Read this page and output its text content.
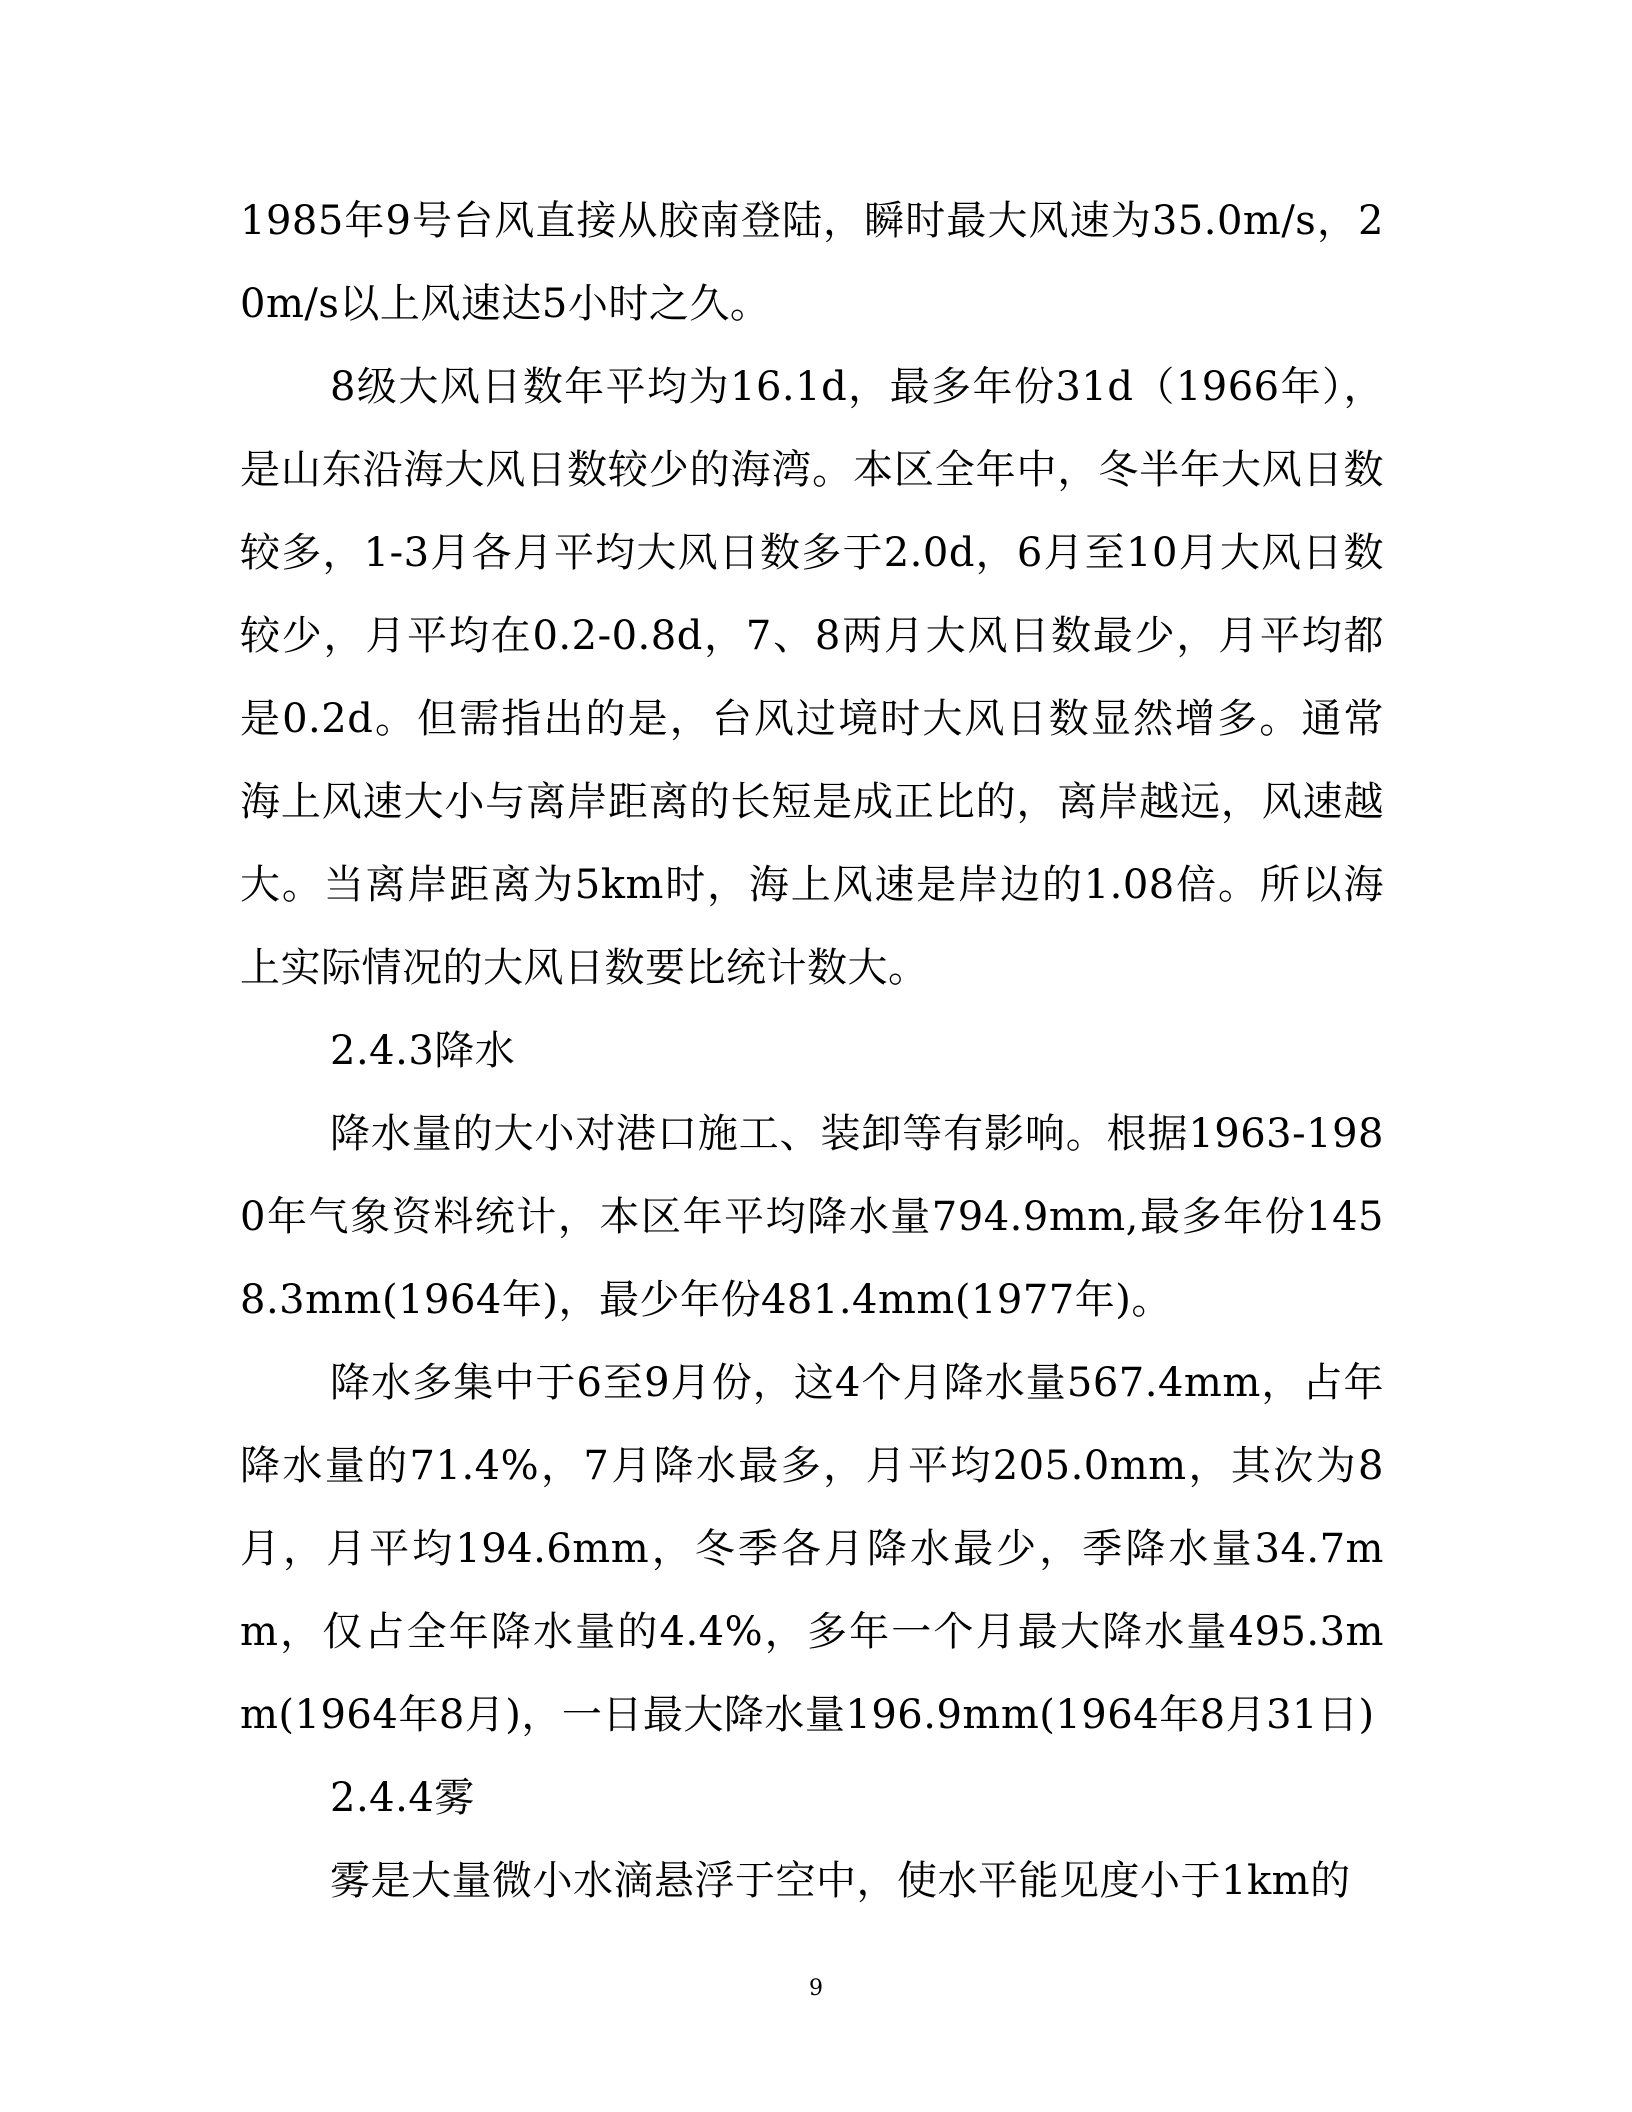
1985年9号台风直接从胶南登陆，瞬时最大风速为35.0m/s，20m/s以上风速达5小时之久。

8级大风日数年平均为16.1d，最多年份31d（1966年），是山东沿海大风日数较少的海湾。本区全年中，冬半年大风日数较多，1-3月各月平均大风日数多于2.0d，6月至10月大风日数较少，月平均在0.2-0.8d，7、8两月大风日数最少，月平均都是0.2d。但需指出的是，台风过境时大风日数显然增多。通常海上风速大小与离岸距离的长短是成正比的，离岸越远，风速越大。当离岸距离为5km时，海上风速是岸边的1.08倍。所以海上实际情况的大风日数要比统计数大。

2.4.3降水

降水量的大小对港口施工、装卸等有影响。根据1963-1980年气象资料统计，本区年平均降水量794.9mm,最多年份1458.3mm(1964年)，最少年份481.4mm(1977年)。

降水多集中于6至9月份，这4个月降水量567.4mm，占年降水量的71.4%，7月降水最多，月平均205.0mm，其次为8月，月平均194.6mm，冬季各月降水最少，季降水量34.7mm，仅占全年降水量的4.4%，多年一个月最大降水量495.3mm(1964年8月)，一日最大降水量196.9mm(1964年8月31日)

2.4.4雾

雾是大量微小水滴悬浮于空中，使水平能见度小于1km的

9
